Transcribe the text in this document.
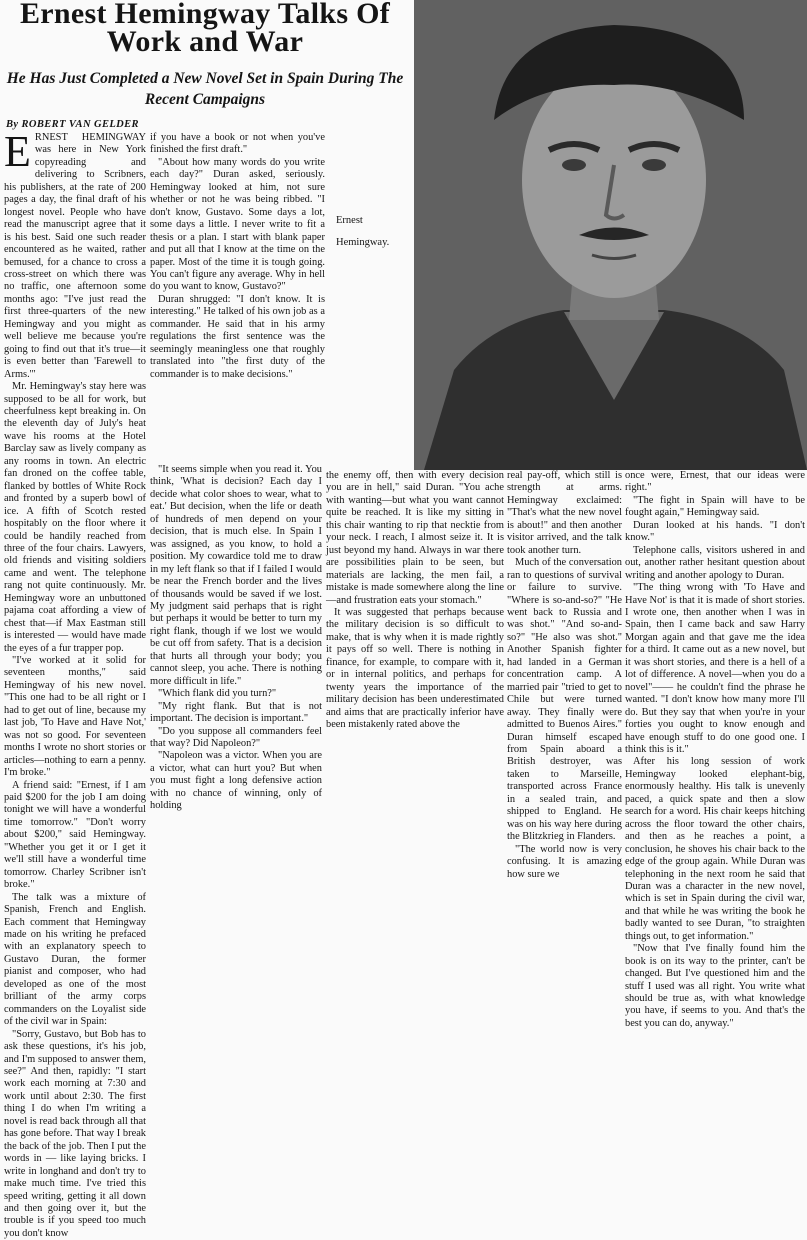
Ernest Hemingway Talks Of Work and War
He Has Just Completed a New Novel Set in Spain During The Recent Campaigns
By ROBERT VAN GELDER
Ernest Hemingway.

ERNEST HEMINGWAY was here in New York copyreading and delivering to Scribners, his publishers, at the rate of 200 pages a day, the final draft of his longest novel. People who have read the manuscript agree that it is his best. Said one such reader encountered as he waited, rather bemused, for a chance to cross a cross-street on which there was no traffic, one afternoon some months ago: "I've just read the first three-quarters of the new Hemingway and you might as well believe me because you're going to find out that it's true—it is even better than 'Farewell to Arms.'"

Mr. Hemingway's stay here was supposed to be all for work, but cheerfulness kept breaking in. On the eleventh day of July's heat wave his rooms at the Hotel Barclay saw as lively company as any rooms in town. An electric fan droned on the coffee table, flanked by bottles of White Rock and fronted by a superb bowl of ice. A fifth of Scotch rested hospitably on the floor where it could be handily reached from three of the four chairs. Lawyers, old friends and visiting soldiers came and went. The telephone rang not quite continuously. Mr. Hemingway wore an unbuttoned pajama coat affording a view of chest that—if Max Eastman still is interested — would have made the eyes of a fur trapper pop.

"I've worked at it solid for seventeen months," said Hemingway of his new novel. "This one had to be all right or I had to get out of line, because my last job, 'To Have and Have Not,' was not so good. For seventeen months I wrote no short stories or articles—nothing to earn a penny. I'm broke."

A friend said: "Ernest, if I am paid $200 for the job I am doing tonight we will have a wonderful time tomorrow." "Don't worry about $200," said Hemingway. "Whether you get it or I get it we'll still have a wonderful time tomorrow. Charley Scribner isn't broke."

The talk was a mixture of Spanish, French and English. Each comment that Hemingway made on his writing he prefaced with an explanatory speech to Gustavo Duran, the former pianist and composer, who had developed as one of the most brilliant of the army corps commanders on the Loyalist side of the civil war in Spain:

"Sorry, Gustavo, but Bob has to ask these questions, it's his job, and I'm supposed to answer them, see?" And then, rapidly: "I start work each morning at 7:30 and work until about 2:30. The first thing I do when I'm writing a novel is read back through all that has gone before. That way I break the back of the job. Then I put the words in — like laying bricks. I write in longhand and don't try to make much time. I've tried this speed writing, getting it all down and then going over it, but the trouble is if you speed too much you don't know

if you have a book or not when you've finished the first draft."

"About how many words do you write each day?" Duran asked, seriously. Hemingway looked at him, not sure whether or not he was being ribbed. "I don't know, Gustavo. Some days a lot, some days a little. I never write to fit a thesis or a plan. I start with blank paper and put all that I know at the time on the paper. Most of the time it is tough going. You can't figure any average. Why in hell do you want to know, Gustavo?"

Duran shrugged: "I don't know. It is interesting." He talked of his own job as a commander. He said that in his army regulations the first sentence was the seemingly meaningless one that roughly translated into "the first duty of the commander is to make decisions."

"It seems simple when you read it. You think, 'What is decision? Each day I decide what color shoes to wear, what to eat.' But decision, when the life or death of hundreds of men depend on your decision, that is much else. In Spain I was assigned, as you know, to hold a position. My cowardice told me to draw in my left flank so that if I failed I would be near the French border and the lives of thousands would be saved if we lost. My judgment said perhaps that is right but perhaps it would be better to turn my right flank, though if we lost we would be cut off from safety. That is a decision that hurts all through your body; you cannot sleep, you ache. There is nothing more difficult in life."

"Which flank did you turn?"

"My right flank. But that is not important. The decision is important."

"Do you suppose all commanders feel that way? Did Napoleon?"

"Napoleon was a victor. When you are a victor, what can hurt you? But when you must fight a long defensive action with no chance of winning, only of holding

the enemy off, then with every decision you are in hell," said Duran. "You ache with wanting—but what you want cannot quite be reached. It is like my sitting in this chair wanting to rip that necktie from your neck. I reach, I almost seize it. It is just beyond my hand. Always in war there are possibilities plain to be seen, but materials are lacking, the men fail, a mistake is made somewhere along the line—and frustration eats your stomach."

It was suggested that perhaps because the military decision is so difficult to make, that is why when it is made rightly it pays off so well. There is nothing in finance, for example, to compare with it, or in internal politics, and perhaps for twenty years the importance of the military decision has been underestimated and aims that are practically inferior have been mistakenly rated above the

real pay-off, which still is strength at arms. Hemingway exclaimed: "That's what the new novel is about!" and then another visitor arrived, and the talk took another turn.

Much of the conversation ran to questions of survival or failure to survive. "Where is so-and-so?" "He went back to Russia and was shot." "And so-and-so?" "He also was shot." Another Spanish fighter had landed in a German concentration camp. A married pair "tried to get to Chile but were turned away. They finally were admitted to Buenos Aires." Duran himself escaped from Spain aboard a British destroyer, was taken to Marseille, transported across France in a sealed train, and shipped to England. He was on his way here during the Blitzkrieg in Flanders.

"The world now is very confusing. It is amazing how sure we

once were, Ernest, that our ideas were right."

"The fight in Spain will have to be fought again," Hemingway said.

Duran looked at his hands. "I don't know."

Telephone calls, visitors ushered in and out, another rather hesitant question about writing and another apology to Duran.

"The thing wrong with 'To Have and Have Not' is that it is made of short stories. I wrote one, then another when I was in Spain, then I came back and saw Harry Morgan again and that gave me the idea for a third. It came out as a new novel, but it was short stories, and there is a hell of a lot of difference. A novel—when you do a novel"—— he couldn't find the phrase he wanted. "I don't know how many more I'll do. But they say that when you're in your forties you ought to know enough and have enough stuff to do one good one. I think this is it."

After his long session of work Hemingway looked elephant-big, enormously healthy. His talk is unevenly paced, a quick spate and then a slow search for a word. His chair keeps hitching across the floor toward the other chairs, and then as he reaches a point, a conclusion, he shoves his chair back to the edge of the group again. While Duran was telephoning in the next room he said that Duran was a character in the new novel, which is set in Spain during the civil war, and that while he was writing the book he badly wanted to see Duran, "to straighten things out, to get information."

"Now that I've finally found him the book is on its way to the printer, can't be changed. But I've questioned him and the stuff I used was all right. You write what should be true as, with what knowledge you have, if seems to you. And that's the best you can do, anyway."
